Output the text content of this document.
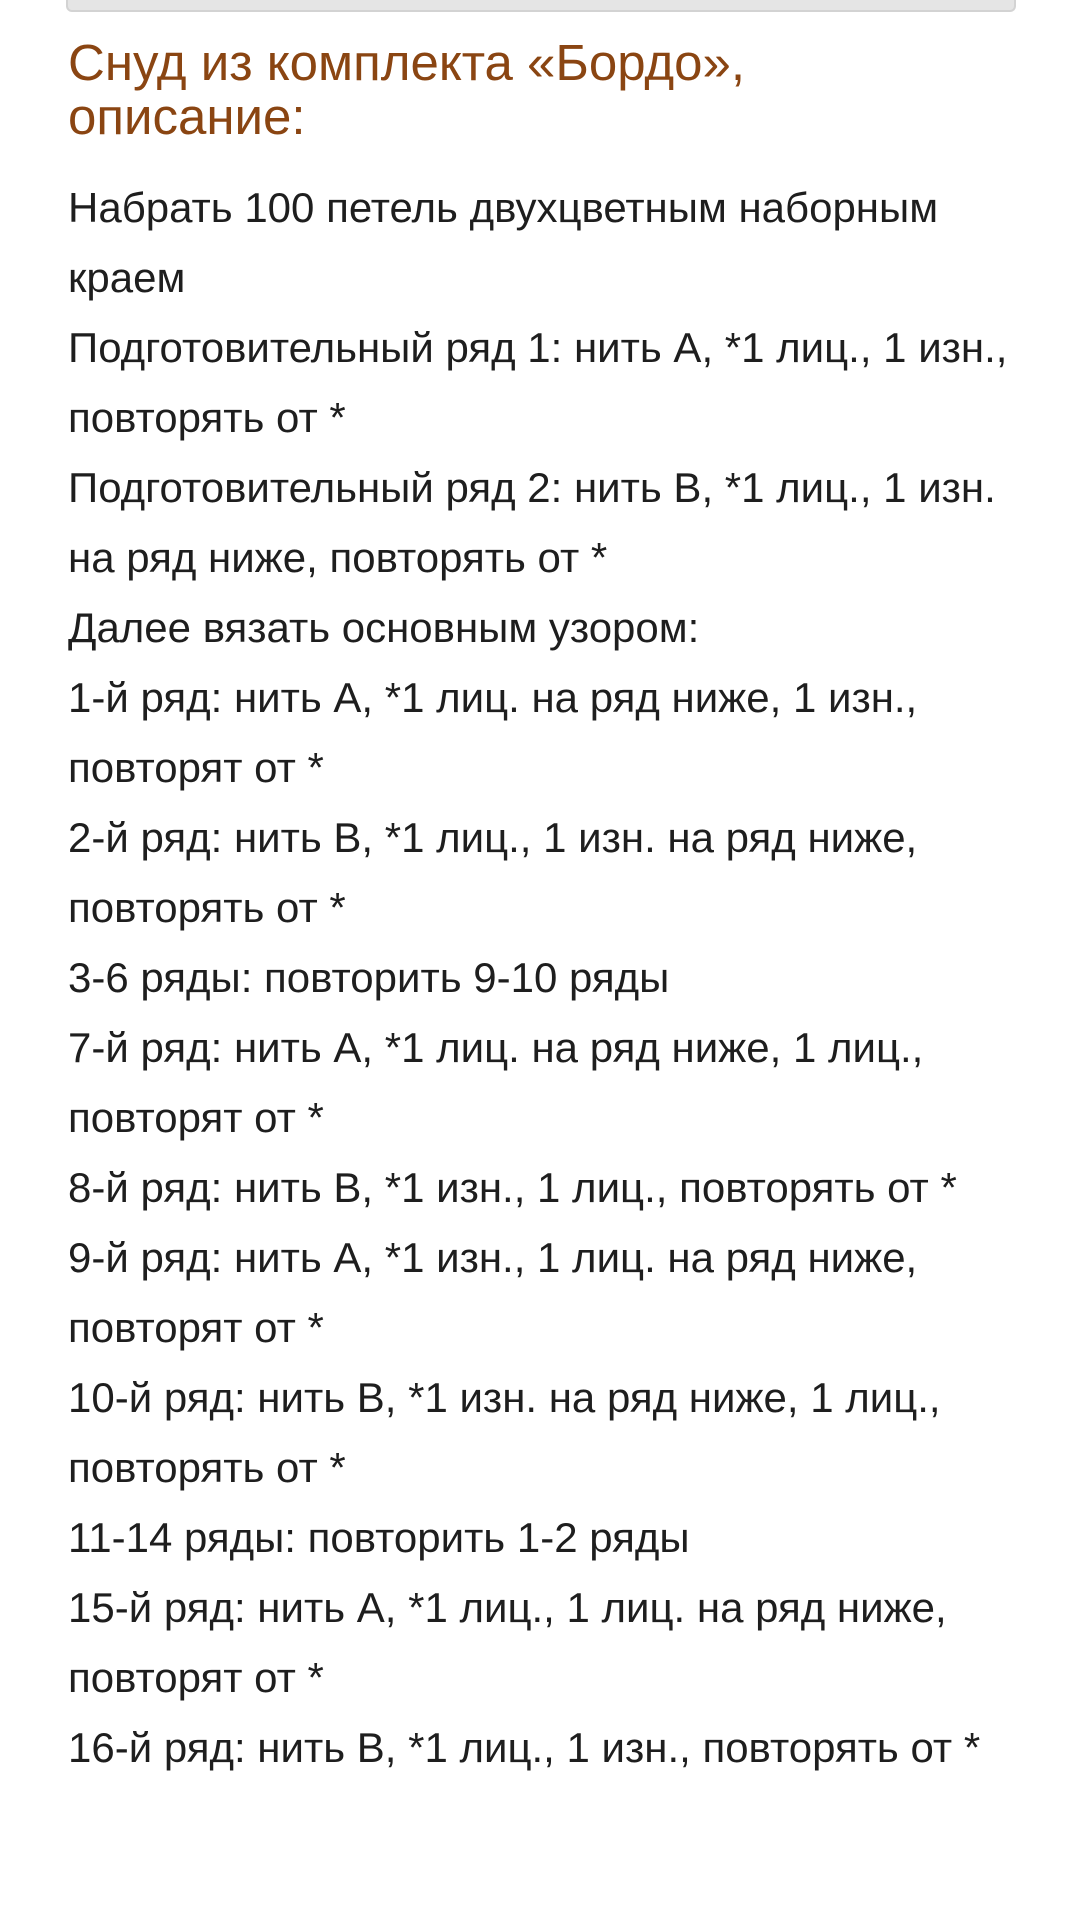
Снуд из комплекта «Бордо»,
описание:

Набрать 100 петель двухцветным наборным краем

Подготовительный ряд 1: нить А, *1 лиц., 1 изн., повторять от *

Подготовительный ряд 2: нить В, *1 лиц., 1 изн. на ряд ниже, повторять от *

Далее вязать основным узором:

1-й ряд: нить А, *1 лиц. на ряд ниже, 1 изн., повторят от *

2-й ряд: нить В, *1 лиц., 1 изн. на ряд ниже, повторять от *

3-6 ряды: повторить 9-10 ряды

7-й ряд: нить А, *1 лиц. на ряд ниже, 1 лиц., повторят от *

8-й ряд: нить В, *1 изн., 1 лиц., повторять от *

9-й ряд: нить А, *1 изн., 1 лиц. на ряд ниже, повторят от *

10-й ряд: нить В, *1 изн. на ряд ниже, 1 лиц., повторять от *

11-14 ряды: повторить 1-2 ряды

15-й ряд: нить А, *1 лиц., 1 лиц. на ряд ниже, повторят от *

16-й ряд: нить В, *1 лиц., 1 изн., повторять от *
